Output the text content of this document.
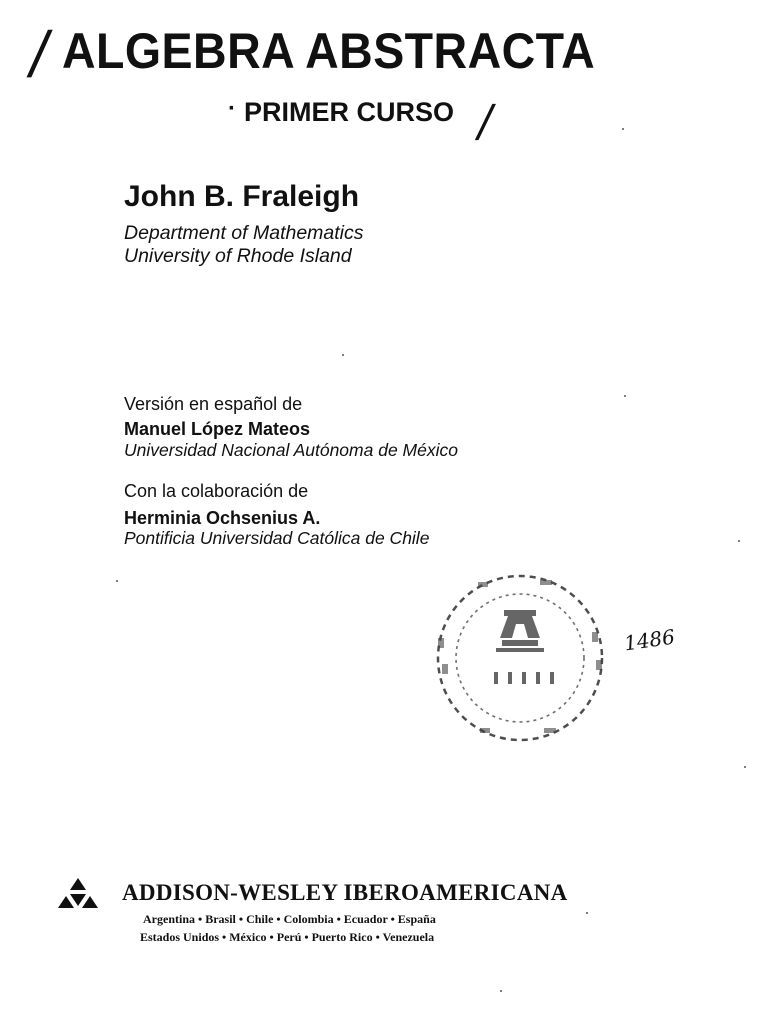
/ ALGEBRA ABSTRACTA
· PRIMER CURSO /
John B. Fraleigh
Department of Mathematics
University of Rhode Island
Versión en español de
Manuel López Mateos
Universidad Nacional Autónoma de México
Con la colaboración de
Herminia Ochsenius A.
Pontificia Universidad Católica de Chile
1486
ADDISON-WESLEY IBEROAMERICANA
Argentina • Brasil • Chile • Colombia • Ecuador • España
Estados Unidos • México • Perú • Puerto Rico • Venezuela
